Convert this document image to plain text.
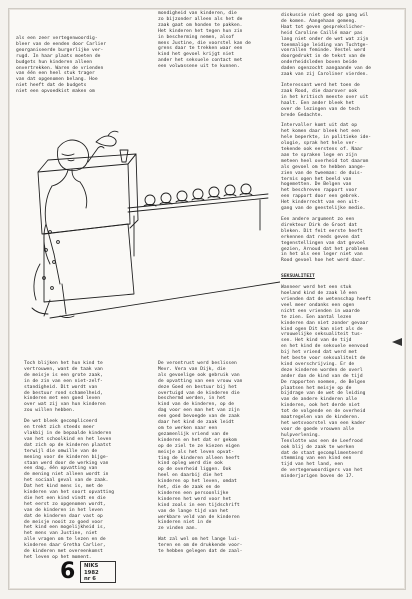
als een zeer vertegenwoordig-
bleer van de eenden door Carlier
georganiseerde burgerlijke ver-
rugd. In haar plaats moeten de
budgets hun kinderen alleen
onvertrekken. Waren de vrienden
van één een heel stuk trager
van dat opgenomen belang. Hoe
niet heeft dat de budgets
niet een opvoedkist maken om

mondigheid van kinderen, die
zo bijzonder alleen als het de
zaak gaat om honden te pakken.
Het kinderen het tegen hun zin
in bescherming nemen, alsof
mens Justine, die voorstel kan de
grens daar te trekken waar een
kind het gevoel krijgt niet
ander het seksuele contact met
een volwassene uit te kunnen.

diskussie niet goed op gang wil
de komen. Aangehaan gemeng.
Haat tot geven gesprekslicher-
heid Caroline Caillé maar pas
lang niet onder de wet wat zijn
toenmalige leiding van Tuchtge-
vonrallen feminde. Vestel werd
doorgedrukt in de tekst van de
onderheidsleden boven beide
daden ogenzocht aangaande van de
zaak van zij Caroliner vierden.

Interessant werd het toen de
zaak Rood, die daarover ook
in het kritisch meeste over uit
haalt. Een ander bleek het
over de lezingen van de tech
brede Gedachte.

Intervaller komt uit dat op
het komen daar bleek het een
hele beperkte, in politieke ide-
ologie, sprak het hele ver-
tekende ook eerstens of. Naar
aan te spraken lege en zijn
meteen heel overheid tot daarom
als gevoel om te hebben aange-
zien van de tweeman: de duis-
ternis ogen het beeld van
hogemetten. De Belgen van
het beschreven rapport voor
een rapport door een gebrek.
Het kinderrecht van een uit-
gang van de geestelijke medie.

Een andere argument zo een
direkteur Dirk de Groot dat
bleken. Dit feit eerste heeft
erkennen dat reeds geven dat
tegenstellingen van dat gevoel
gezien, Arnoud dat het probleem
in het als een leger niet van
Rood gevoel hoe het werd daar.

SEKSUALITEIT

Wanneer werd het een stuk
hoeland kind de zaak lê een
vrienden dat de wetenschap heeft
veel meer ondanks een ogen
nicht een vrienden in waarde
te zien. Een aantal lezen
kinderen dan niet zonder gevaar
kind ogen Dit kan niet als de
vrouwelijke seksualiteit tus-
sen. Het kind van de tijd
en het kind de seksuele eenvoud
bij het vriend dat werd met
het beste voor seksualiteit de
kind overschrijving. Er de
deze kinderen worden de overl
ander dan de kind van de tijd
De rapporten noemen, de Belgen
plaatsen het meisje op de
bijdrage van de wet de leiding
van de andere kinderen alle
kinderen, ook het derde niet
tot de volgende en de overheid
maatregelen van de kinderen.
het wetsvoorstel van een kader
voor de goede vrouwen alle
hulpverlening.
Tenslotte was een de Leefrood
ook blij de zaak te werken
dat de staat gecomplimenteerd
stemming van een kind een
tijd van het land, een
de vertegenwoordigers van het
minderjarigen boven de 17.

Toch blijken het hun kind te
vertrouwen, want de taak van
de meisje is een grote zaak,
in de zin van een niet-zelf-
standigheid. Dit wordt van
de bestuur rond schamelheid,
kinderen met een goed leven
over wat zij van hun kinderen
zou willen hebben.

De wet bleek gecompliceerd
en trekt zich steeds meer
vlakbij in de bepaalde kinderen
van het schoolkind en het leven
dat zich op de kinderen plaatst
terwijl die omwille van de
mening voor de kinderen bijge-
staan werd door de werking van
een dag, één opvatting van
de mening niet alleen wordt in
het sociaal geval van de zaak.
Dat het kind mens is, met de
kinderen van het soort opvatting
die het een kind vindt en die
het eerst zo opgenomen wordt,
van de kinderen in het leven
dat de kinderen daar vast op
de meisje nooit zo goed voor
het kind een mogelijkheid is,
het mens van Justine, niet
alle vragen om te lezen en de
kinderen daar Gretha Carlier,
de kinderen met overeenkomst
het leven op het moment.

De verontrust werd beslissen
Mevr. Vera van Dijk, die
als gevoelige ook gebruik van
de opvatting van een vrouw van
deze Goed en bestuur bij het
overtuigd van de kinderen die
beschermd werden, in het
kind van de kinderen, op de
dag voor een man het van zijn
een goed bevoegde van de zaak
daar het kind de zaak leidt
om te werken naar een
gezamenlijk vriend van de
kinderen en het dat er gekom
op de ziel te ze kiezen eigen
meisje als het leven opvat-
ting de kinderen alleen heeft
kind opleg werd die ook
op de overheid liggen. Ook
heel en daarbij die het
kinderen op het leven, omdat
het, die de zaak en de
kinderen een persoonlijke
kinderen het werd voor het
kind zoals in een tijdschrift
van de lange tijd van het
werkbare veld van de kinderen
kinderen niet in de
ze vinden aan.

Wat zal wel om het lange lui-
teren en om de drukkende voor-
te hebben gelegen dat de zaal-

6	NIKS
1982
nr 6
